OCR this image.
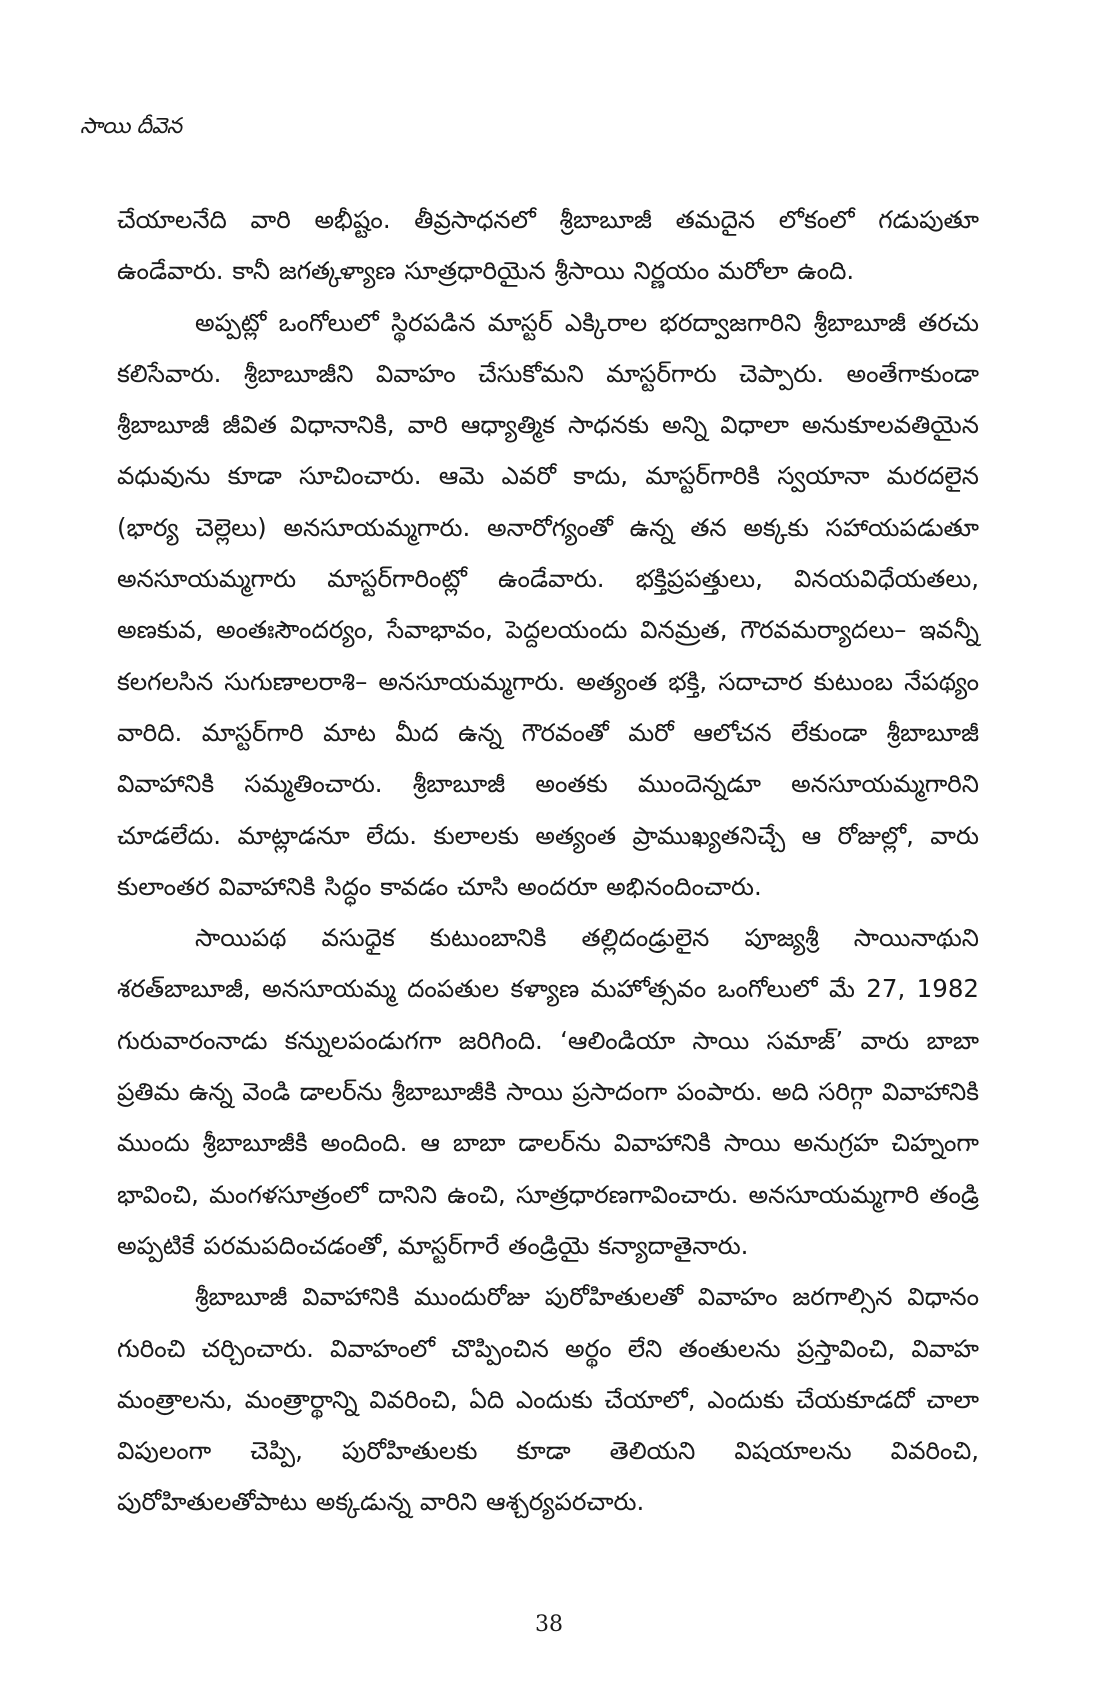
సాయి దీవెన

చేయాలనేది వారి అభీష్టం. తీవ్రసాధనలో శ్రీబాబూజీ తమదైన లోకంలో గడుపుతూ ఉండేవారు. కానీ జగత్కళ్యాణ సూత్రధారియైన శ్రీసాయి నిర్ణయం మరోలా ఉంది.

అప్పట్లో ఒంగోలులో స్థిరపడిన మాస్టర్ ఎక్కిరాల భరద్వాజగారిని శ్రీబాబూజీ తరచు కలిసేవారు. శ్రీబాబూజీని వివాహం చేసుకోమని మాస్టర్‌గారు చెప్పారు. అంతేగాకుండా శ్రీబాబూజీ జీవిత విధానానికి, వారి ఆధ్యాత్మిక సాధనకు అన్ని విధాలా అనుకూలవతియైన వధువును కూడా సూచించారు. ఆమె ఎవరో కాదు, మాస్టర్‌గారికి స్వయానా మరదలైన (భార్య చెల్లెలు) అనసూయమ్మగారు. అనారోగ్యంతో ఉన్న తన అక్కకు సహాయపడుతూ అనసూయమ్మగారు మాస్టర్‌గారింట్లో ఉండేవారు. భక్తిప్రపత్తులు, వినయవిధేయతలు, అణకువ, అంతఃసౌందర్యం, సేవాభావం, పెద్దలయందు వినమ్రత, గౌరవమర్యాదలు– ఇవన్నీ కలగలసిన సుగుణాలరాశి– అనసూయమ్మగారు. అత్యంత భక్తి, సదాచార కుటుంబ నేపథ్యం వారిది. మాస్టర్‌గారి మాట మీద ఉన్న గౌరవంతో మరో ఆలోచన లేకుండా శ్రీబాబూజీ వివాహానికి సమ్మతించారు. శ్రీబాబూజీ అంతకు ముందెన్నడూ అనసూయమ్మగారిని చూడలేదు. మాట్లాడనూ లేదు. కులాలకు అత్యంత ప్రాముఖ్యతనిచ్చే ఆ రోజుల్లో, వారు కులాంతర వివాహానికి సిద్ధం కావడం చూసి అందరూ అభినందించారు.

సాయిపథ వసుధైక కుటుంబానికి తల్లిదండ్రులైన పూజ్యశ్రీ సాయినాథుని శరత్‌బాబూజీ, అనసూయమ్మ దంపతుల కళ్యాణ మహోత్సవం ఒంగోలులో మే 27, 1982 గురువారంనాడు కన్నులపండుగగా జరిగింది. ‘ఆలిండియా సాయి సమాజ్’ వారు బాబా ప్రతిమ ఉన్న వెండి డాలర్‌ను శ్రీబాబూజీకి సాయి ప్రసాదంగా పంపారు. అది సరిగ్గా వివాహానికి ముందు శ్రీబాబూజీకి అందింది. ఆ బాబా డాలర్‌ను వివాహానికి సాయి అనుగ్రహ చిహ్నంగా భావించి, మంగళసూత్రంలో దానిని ఉంచి, సూత్రధారణగావించారు. అనసూయమ్మగారి తండ్రి అప్పటికే పరమపదించడంతో, మాస్టర్‌గారే తండ్రియై కన్యాదాతైనారు.

శ్రీబాబూజీ వివాహానికి ముందురోజు పురోహితులతో వివాహం జరగాల్సిన విధానం గురించి చర్చించారు. వివాహంలో చొప్పించిన అర్థం లేని తంతులను ప్రస్తావించి, వివాహ మంత్రాలను, మంత్రార్థాన్ని వివరించి, ఏది ఎందుకు చేయాలో, ఎందుకు చేయకూడదో చాలా విపులంగా చెప్పి, పురోహితులకు కూడా తెలియని విషయాలను వివరించి, పురోహితులతోపాటు అక్కడున్న వారిని ఆశ్చర్యపరచారు.

38
